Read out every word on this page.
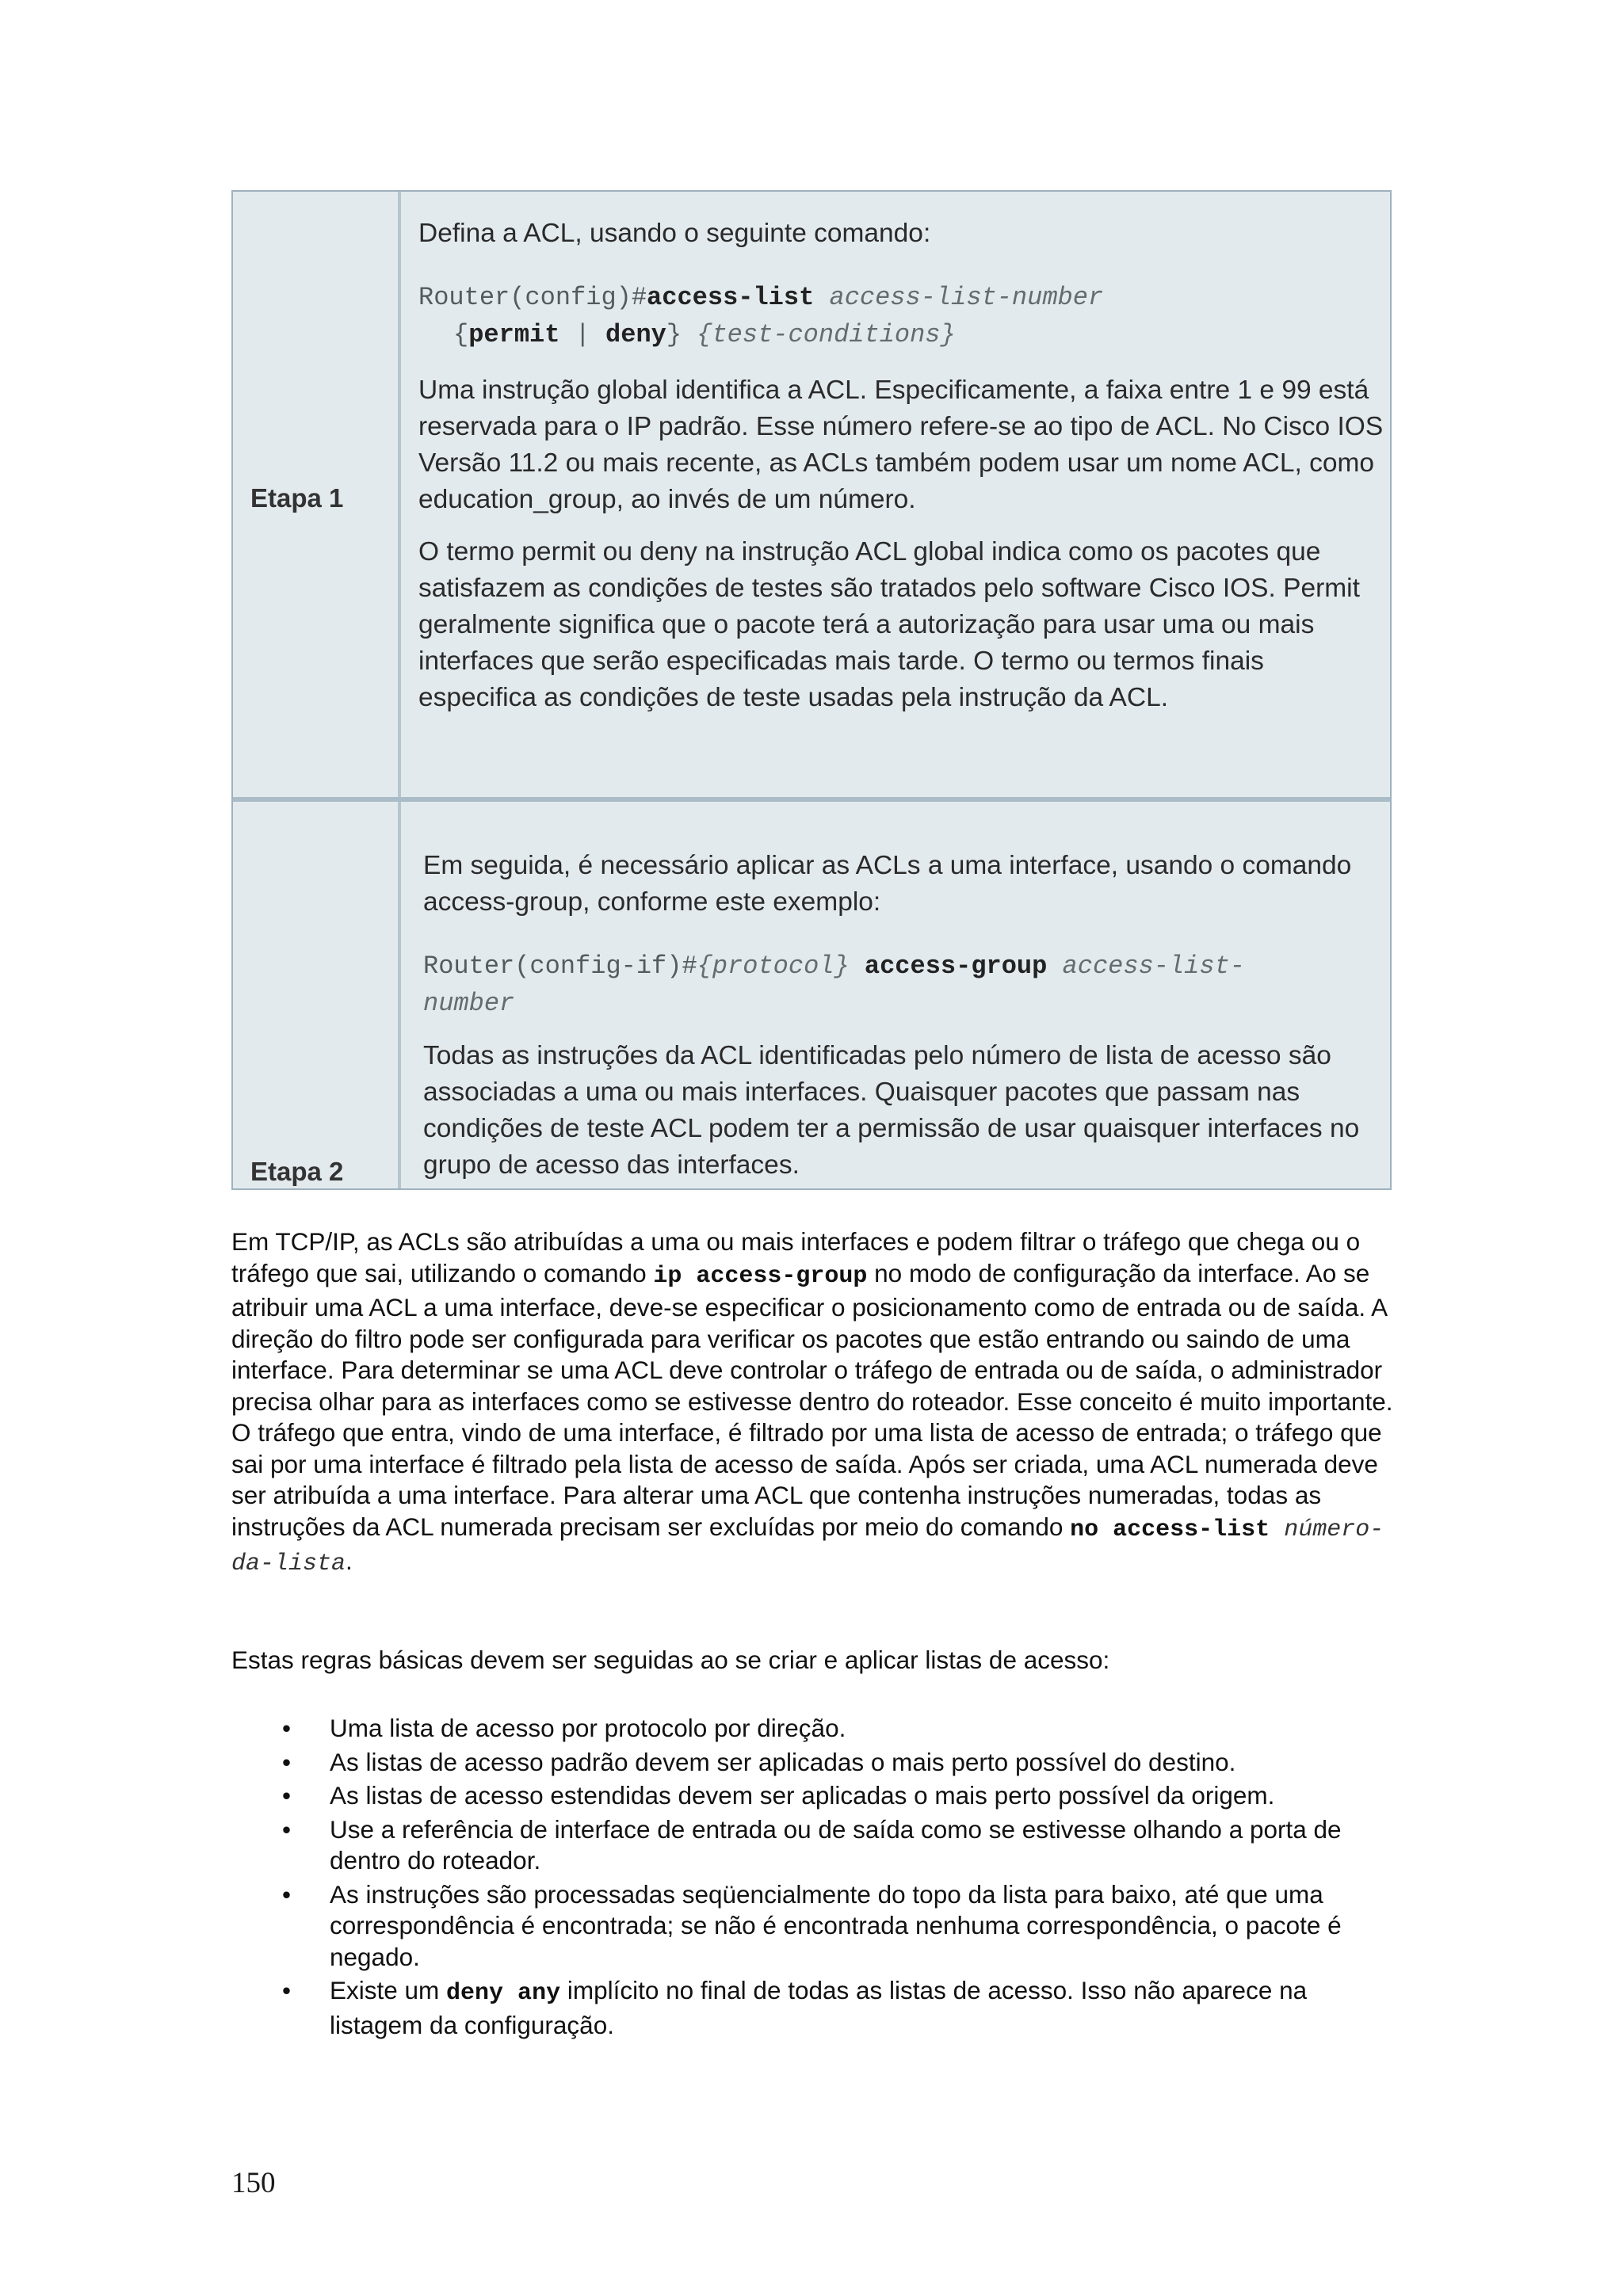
Etapa 1

Defina a ACL, usando o seguinte comando:

Router(config)#access-list access-list-number
{permit | deny} {test-conditions}

Uma instrução global identifica a ACL. Especificamente, a faixa entre 1 e 99 está reservada para o IP padrão. Esse número refere-se ao tipo de ACL. No Cisco IOS Versão 11.2 ou mais recente, as ACLs também podem usar um nome ACL, como education_group, ao invés de um número.

O termo permit ou deny na instrução ACL global indica como os pacotes que satisfazem as condições de testes são tratados pelo software Cisco IOS. Permit geralmente significa que o pacote terá a autorização para usar uma ou mais interfaces que serão especificadas mais tarde. O termo ou termos finais especifica as condições de teste usadas pela instrução da ACL.

Etapa 2

Em seguida, é necessário aplicar as ACLs a uma interface, usando o comando access-group, conforme este exemplo:

Router(config-if)#{protocol} access-group access-list-
number

Todas as instruções da ACL identificadas pelo número de lista de acesso são associadas a uma ou mais interfaces. Quaisquer pacotes que passam nas condições de teste ACL podem ter a permissão de usar quaisquer interfaces no grupo de acesso das interfaces.

Em TCP/IP, as ACLs são atribuídas a uma ou mais interfaces e podem filtrar o tráfego que chega ou o tráfego que sai, utilizando o comando ip access-group no modo de configuração da interface. Ao se atribuir uma ACL a uma interface, deve-se especificar o posicionamento como de entrada ou de saída. A direção do filtro pode ser configurada para verificar os pacotes que estão entrando ou saindo de uma interface. Para determinar se uma ACL deve controlar o tráfego de entrada ou de saída, o administrador precisa olhar para as interfaces como se estivesse dentro do roteador. Esse conceito é muito importante. O tráfego que entra, vindo de uma interface, é filtrado por uma lista de acesso de entrada; o tráfego que sai por uma interface é filtrado pela lista de acesso de saída. Após ser criada, uma ACL numerada deve ser atribuída a uma interface. Para alterar uma ACL que contenha instruções numeradas, todas as instruções da ACL numerada precisam ser excluídas por meio do comando no access-list número-da-lista.

Estas regras básicas devem ser seguidas ao se criar e aplicar listas de acesso:

• Uma lista de acesso por protocolo por direção.
• As listas de acesso padrão devem ser aplicadas o mais perto possível do destino.
• As listas de acesso estendidas devem ser aplicadas o mais perto possível da origem.
• Use a referência de interface de entrada ou de saída como se estivesse olhando a porta de dentro do roteador.
• As instruções são processadas seqüencialmente do topo da lista para baixo, até que uma correspondência é encontrada; se não é encontrada nenhuma correspondência, o pacote é negado.
• Existe um deny any implícito no final de todas as listas de acesso. Isso não aparece na listagem da configuração.
150
